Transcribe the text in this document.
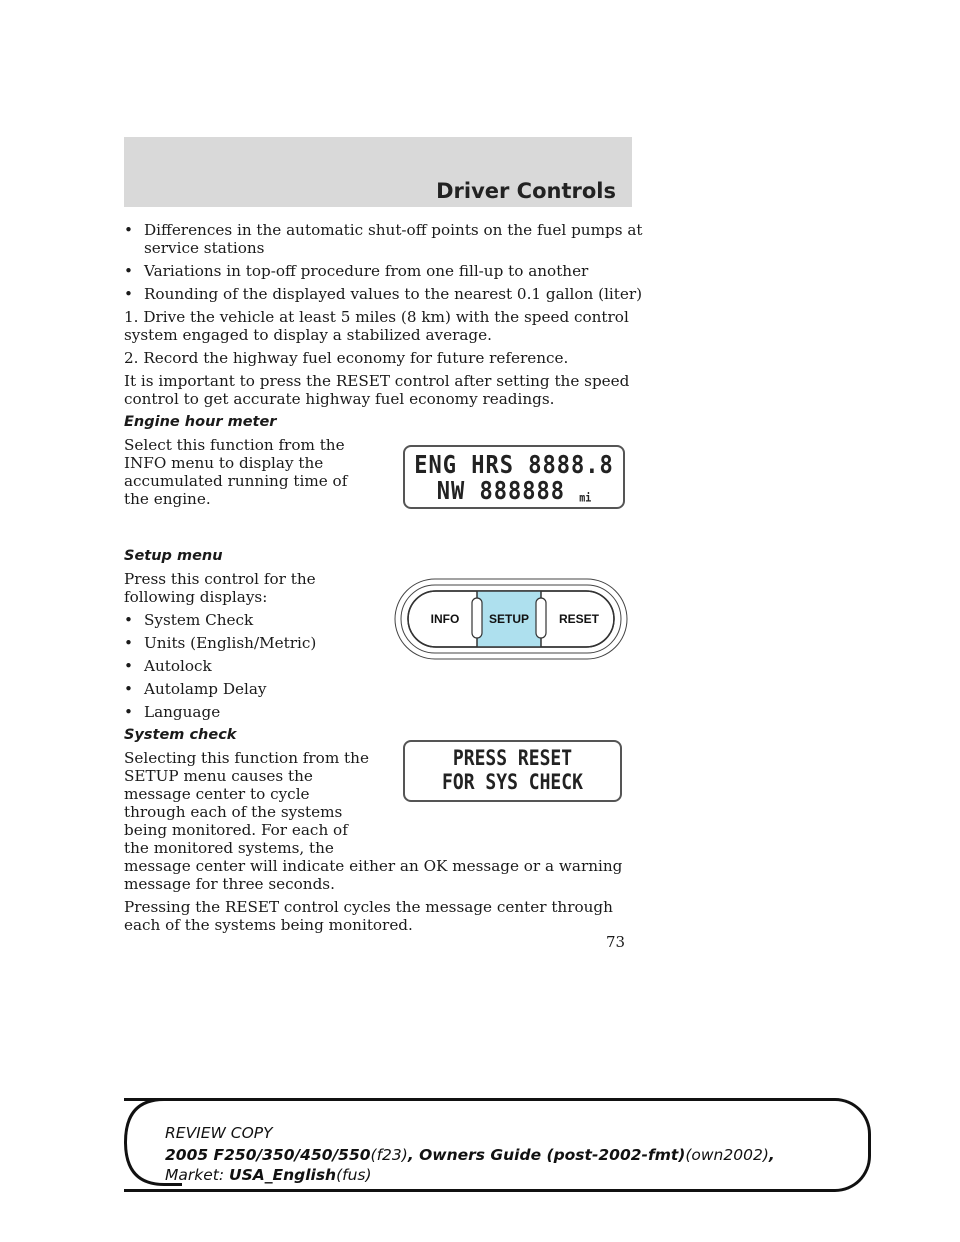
Driver Controls
• Differences in the automatic shut-off points on the fuel pumps at service stations
• Variations in top-off procedure from one fill-up to another
• Rounding of the displayed values to the nearest 0.1 gallon (liter)

1. Drive the vehicle at least 5 miles (8 km) with the speed control system engaged to display a stabilized average.

2. Record the highway fuel economy for future reference.

It is important to press the RESET control after setting the speed control to get accurate highway fuel economy readings.

Engine hour meter

Select this function from the INFO menu to display the accumulated running time of the engine.

Setup menu

Press this control for the following displays:

• System Check
• Units (English/Metric)
• Autolock
• Autolamp Delay
• Language
System check

Selecting this function from the SETUP menu causes the message center to cycle through each of the systems being monitored. For each of the monitored systems, the

message center will indicate either an OK message or a warning message for three seconds.

Pressing the RESET control cycles the message center through each of the systems being monitored.

ENG HRS 8888.8
NW 888888 mi
INFO SETUP RESET
PRESS RESET
FOR SYS CHECK
73
REVIEW COPY
2005 F250/350/450/550(f23), Owners Guide (post-2002-fmt)(own2002),
Market: USA_English(fus)
